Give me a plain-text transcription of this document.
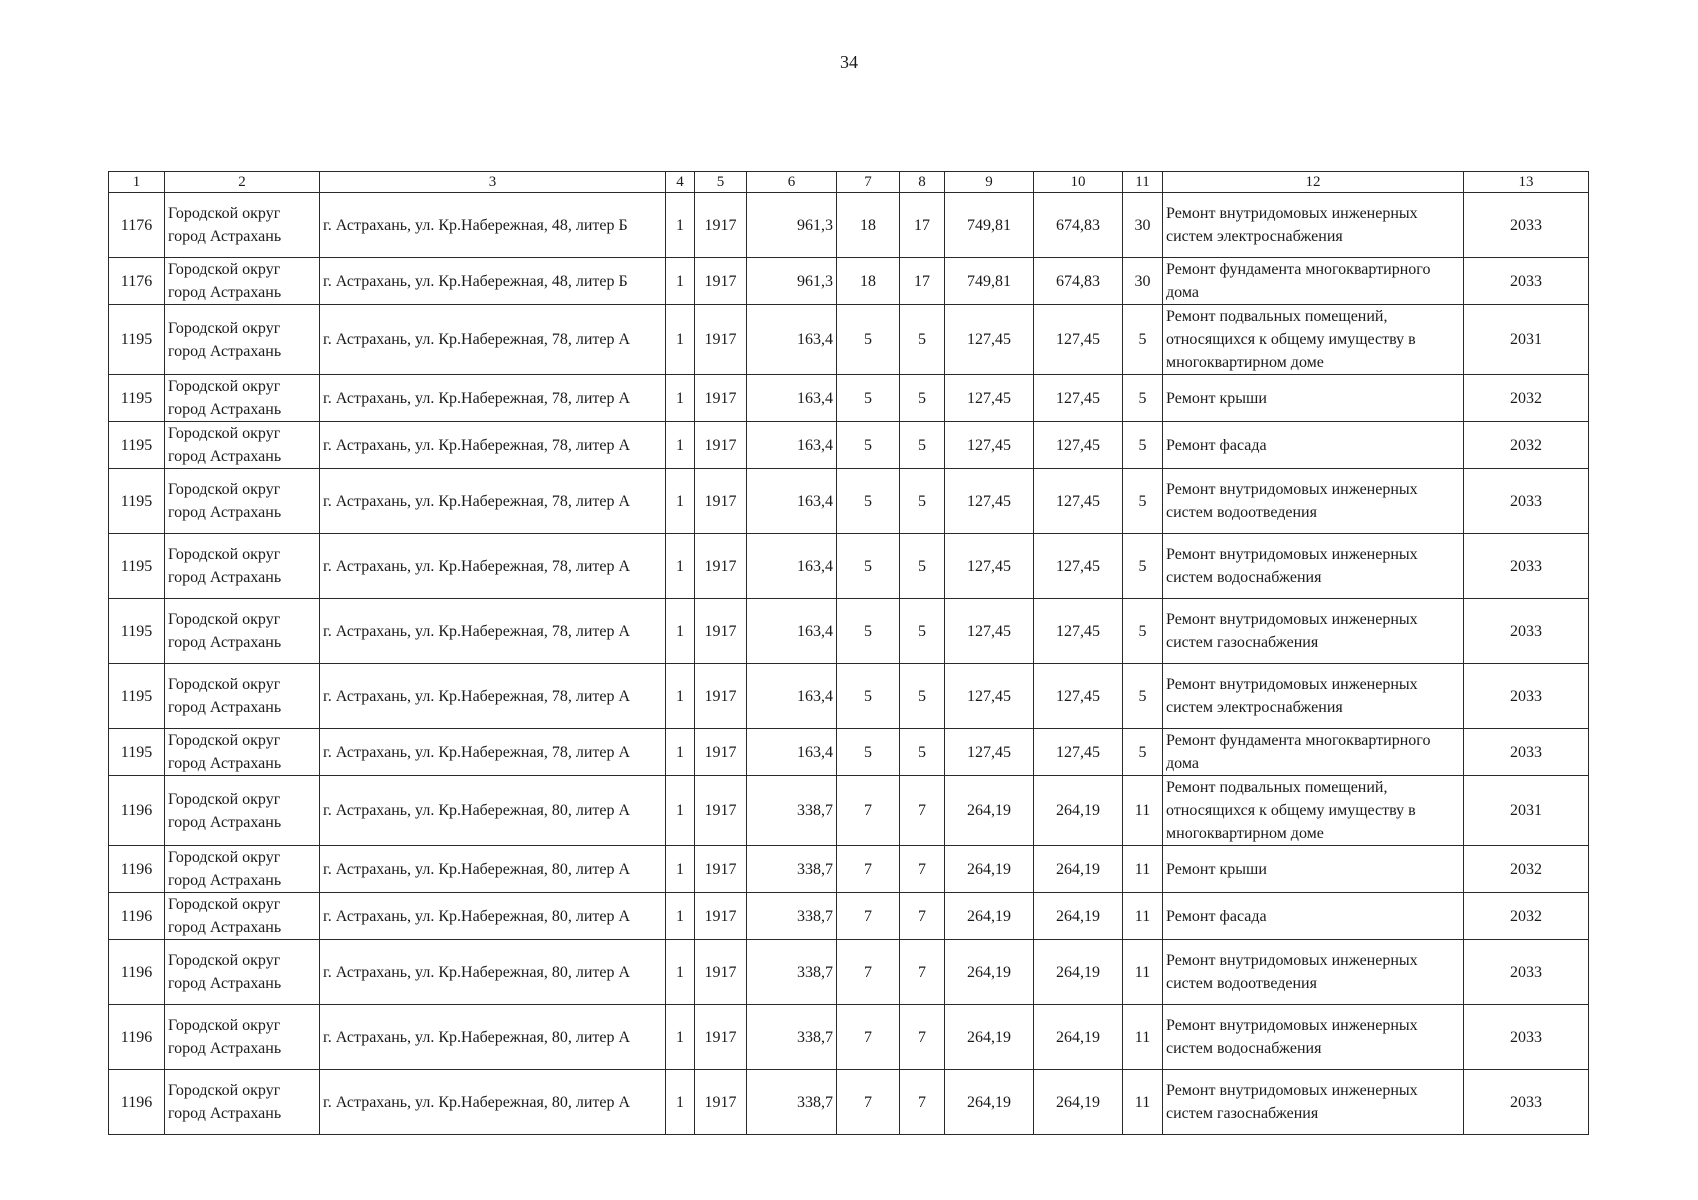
34
1	2	3	4	5	6	7	8	9	10	11	12	13
1176	Городской округ город Астрахань	г. Астрахань, ул. Кр.Набережная, 48, литер Б	1	1917	961,3	18	17	749,81	674,83	30	Ремонт внутридомовых инженерных систем электроснабжения	2033
1176	Городской округ город Астрахань	г. Астрахань, ул. Кр.Набережная, 48, литер Б	1	1917	961,3	18	17	749,81	674,83	30	Ремонт фундамента многоквартирного дома	2033
1195	Городской округ город Астрахань	г. Астрахань, ул. Кр.Набережная, 78, литер А	1	1917	163,4	5	5	127,45	127,45	5	Ремонт подвальных помещений, относящихся к общему имуществу в многоквартирном доме	2031
1195	Городской округ город Астрахань	г. Астрахань, ул. Кр.Набережная, 78, литер А	1	1917	163,4	5	5	127,45	127,45	5	Ремонт крыши	2032
1195	Городской округ город Астрахань	г. Астрахань, ул. Кр.Набережная, 78, литер А	1	1917	163,4	5	5	127,45	127,45	5	Ремонт фасада	2032
1195	Городской округ город Астрахань	г. Астрахань, ул. Кр.Набережная, 78, литер А	1	1917	163,4	5	5	127,45	127,45	5	Ремонт внутридомовых инженерных систем водоотведения	2033
1195	Городской округ город Астрахань	г. Астрахань, ул. Кр.Набережная, 78, литер А	1	1917	163,4	5	5	127,45	127,45	5	Ремонт внутридомовых инженерных систем водоснабжения	2033
1195	Городской округ город Астрахань	г. Астрахань, ул. Кр.Набережная, 78, литер А	1	1917	163,4	5	5	127,45	127,45	5	Ремонт внутридомовых инженерных систем газоснабжения	2033
1195	Городской округ город Астрахань	г. Астрахань, ул. Кр.Набережная, 78, литер А	1	1917	163,4	5	5	127,45	127,45	5	Ремонт внутридомовых инженерных систем электроснабжения	2033
1195	Городской округ город Астрахань	г. Астрахань, ул. Кр.Набережная, 78, литер А	1	1917	163,4	5	5	127,45	127,45	5	Ремонт фундамента многоквартирного дома	2033
1196	Городской округ город Астрахань	г. Астрахань, ул. Кр.Набережная, 80, литер А	1	1917	338,7	7	7	264,19	264,19	11	Ремонт подвальных помещений, относящихся к общему имуществу в многоквартирном доме	2031
1196	Городской округ город Астрахань	г. Астрахань, ул. Кр.Набережная, 80, литер А	1	1917	338,7	7	7	264,19	264,19	11	Ремонт крыши	2032
1196	Городской округ город Астрахань	г. Астрахань, ул. Кр.Набережная, 80, литер А	1	1917	338,7	7	7	264,19	264,19	11	Ремонт фасада	2032
1196	Городской округ город Астрахань	г. Астрахань, ул. Кр.Набережная, 80, литер А	1	1917	338,7	7	7	264,19	264,19	11	Ремонт внутридомовых инженерных систем водоотведения	2033
1196	Городской округ город Астрахань	г. Астрахань, ул. Кр.Набережная, 80, литер А	1	1917	338,7	7	7	264,19	264,19	11	Ремонт внутридомовых инженерных систем водоснабжения	2033
1196	Городской округ город Астрахань	г. Астрахань, ул. Кр.Набережная, 80, литер А	1	1917	338,7	7	7	264,19	264,19	11	Ремонт внутридомовых инженерных систем газоснабжения	2033
